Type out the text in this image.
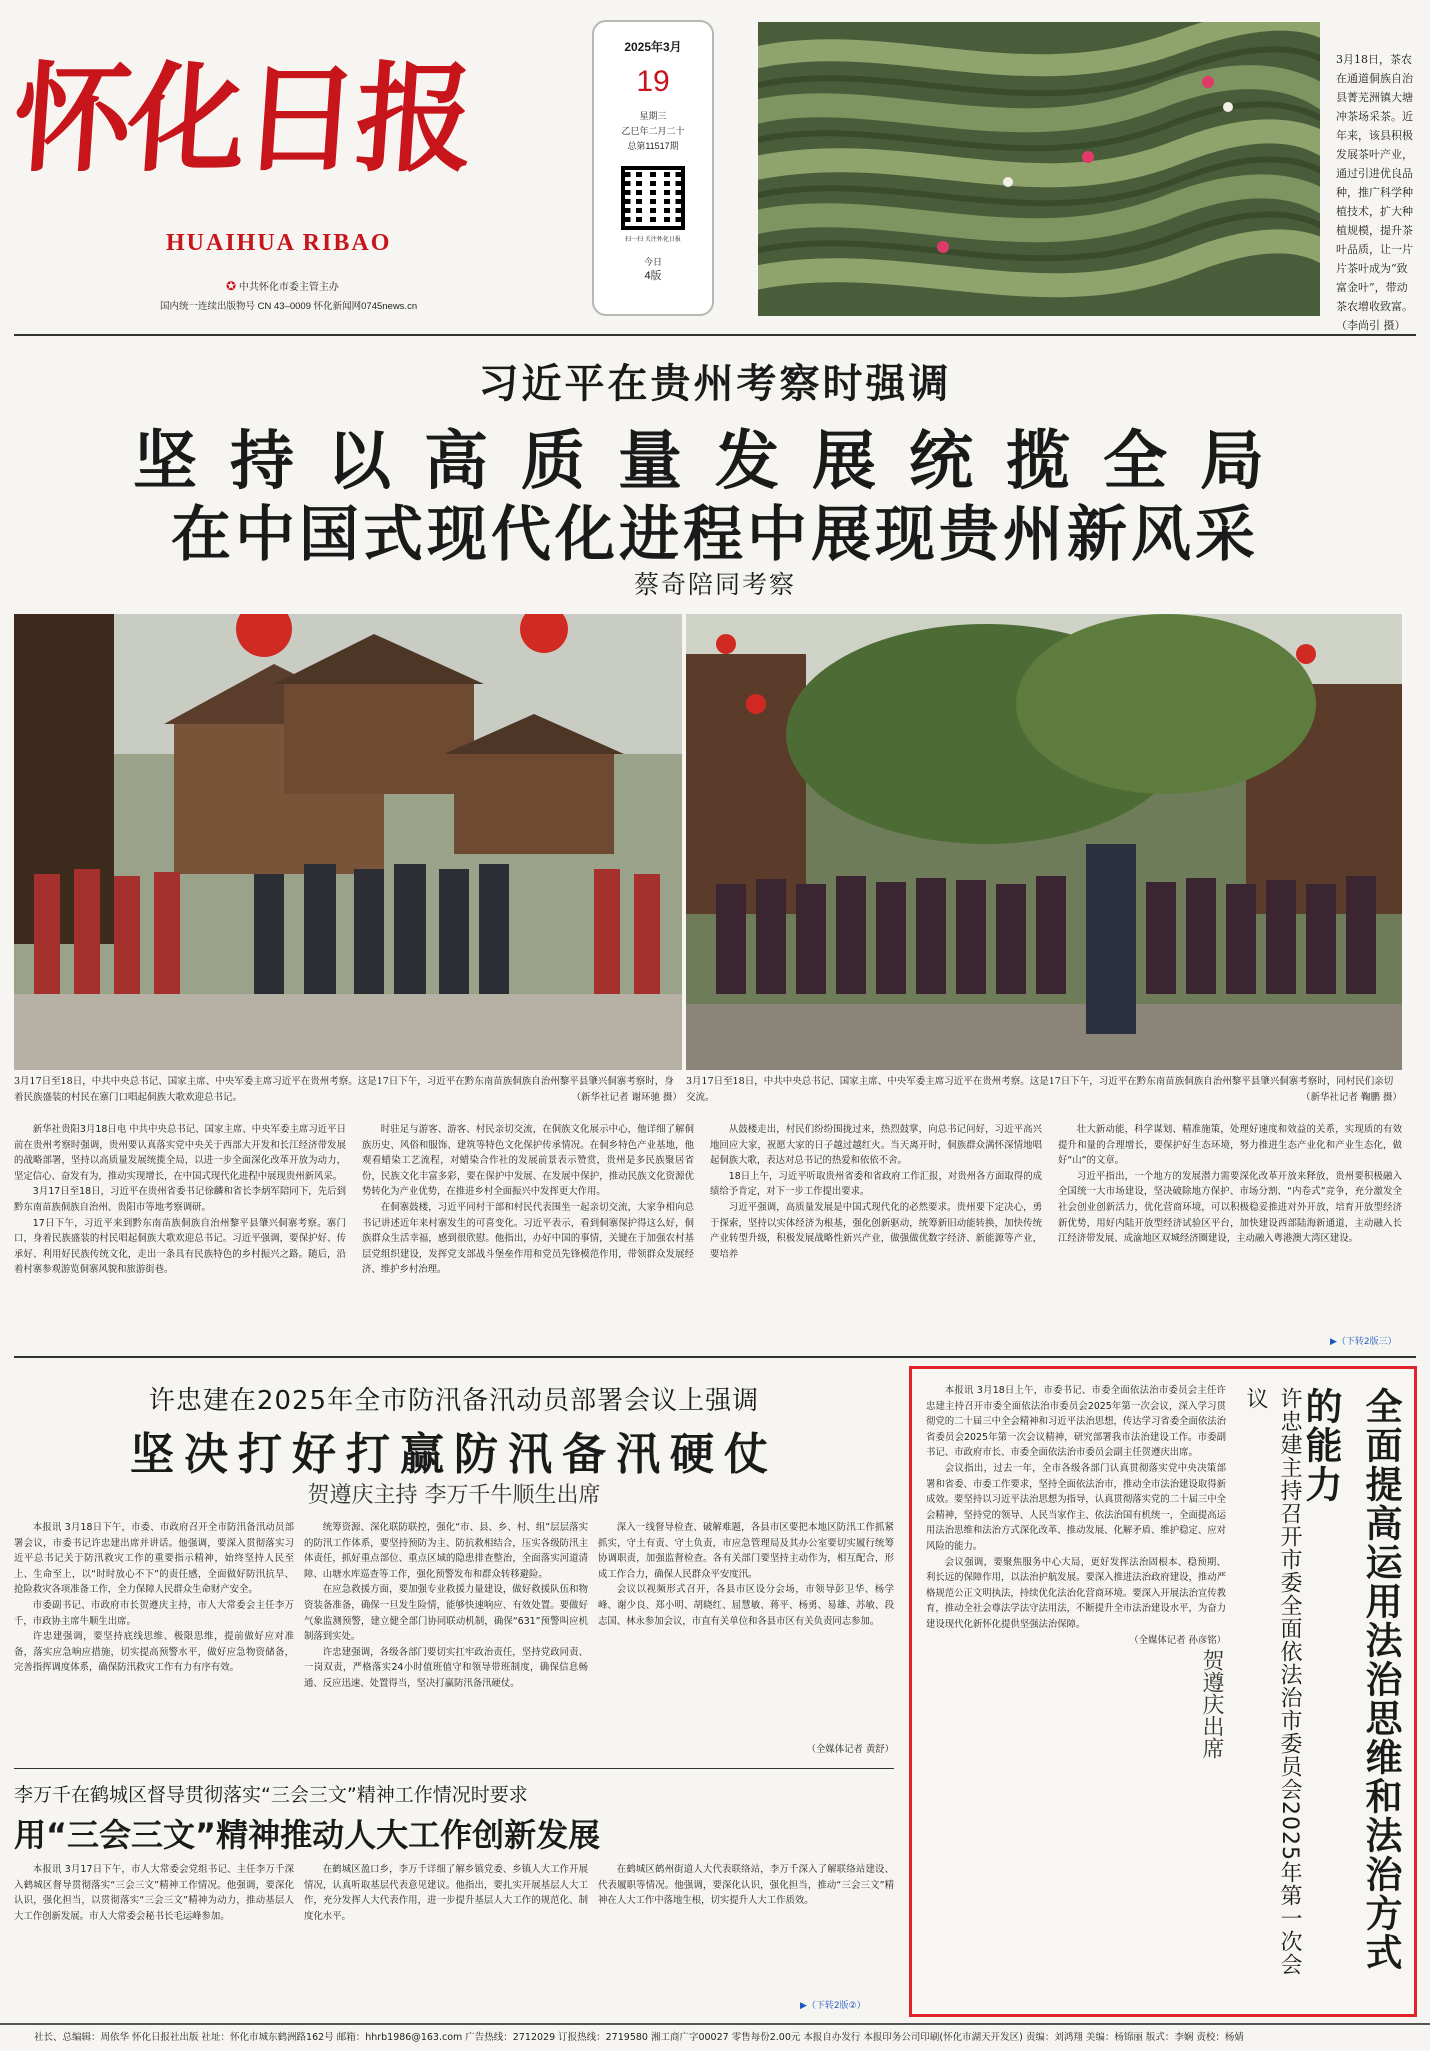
怀化日报
HUAIHUA RIBAO
✪ 中共怀化市委主管主办
国内统一连续出版物号 CN 43–0009 怀化新闻网0745news.cn
2025年3月
19
星期三
乙巳年二月二十
总第11517期
扫一扫 关注怀化日报
今日
4版
3月18日，茶农在通道侗族自治县菁芜洲镇大塘冲茶场采茶。近年来，该县积极发展茶叶产业，通过引进优良品种，推广科学种植技术，扩大种植规模，提升茶叶品质，让一片片茶叶成为“致富金叶”，带动茶农增收致富。（李尚引 摄）
习近平在贵州考察时强调
坚持以高质量发展统揽全局
在中国式现代化进程中展现贵州新风采
蔡奇陪同考察
3月17日至18日，中共中央总书记、国家主席、中央军委主席习近平在贵州考察。这是17日下午，习近平在黔东南苗族侗族自治州黎平县肇兴侗寨考察时，身着民族盛装的村民在寨门口唱起侗族大歌欢迎总书记。	（新华社记者 谢环驰 摄）
3月17日至18日，中共中央总书记、国家主席、中央军委主席习近平在贵州考察。这是17日下午，习近平在黔东南苗族侗族自治州黎平县肇兴侗寨考察时，同村民们亲切交流。	（新华社记者 鞠鹏 摄）

新华社贵阳3月18日电 中共中央总书记、国家主席、中央军委主席习近平日前在贵州考察时强调，贵州要认真落实党中央关于西部大开发和长江经济带发展的战略部署，坚持以高质量发展统揽全局，以进一步全面深化改革开放为动力，坚定信心、奋发有为，推动实现增长，在中国式现代化进程中展现贵州新风采。

3月17日至18日，习近平在贵州省委书记徐麟和省长李炳军陪同下，先后到黔东南苗族侗族自治州、贵阳市等地考察调研。

17日下午，习近平来到黔东南苗族侗族自治州黎平县肇兴侗寨考察。寨门口，身着民族盛装的村民唱起侗族大歌欢迎总书记。习近平强调，要保护好、传承好、利用好民族传统文化，走出一条具有民族特色的乡村振兴之路。随后，沿着村寨参观游览侗寨风貌和旅游街巷。

时驻足与游客、游客、村民亲切交流，在侗族文化展示中心，他详细了解侗族历史、风俗和服饰、建筑等特色文化保护传承情况。在侗乡特色产业基地，他观看蜡染工艺流程，对蜡染合作社的发展前景表示赞赏，贵州是多民族聚居省份，民族文化丰富多彩，要在保护中发展、在发展中保护，推动民族文化资源优势转化为产业优势，在推进乡村全面振兴中发挥更大作用。

在侗寨鼓楼，习近平同村干部和村民代表围坐一起亲切交流，大家争相向总书记讲述近年来村寨发生的可喜变化。习近平表示，看到侗寨保护得这么好，侗族群众生活幸福，感到很欣慰。他指出，办好中国的事情，关键在于加强农村基层党组织建设，发挥党支部战斗堡垒作用和党员先锋模范作用，带领群众发展经济、维护乡村治理。

从鼓楼走出，村民们纷纷围拢过来，热烈鼓掌，向总书记问好，习近平高兴地回应大家，祝愿大家的日子越过越红火。当天离开时，侗族群众满怀深情地唱起侗族大歌，表达对总书记的热爱和依依不舍。

18日上午，习近平听取贵州省委和省政府工作汇报，对贵州各方面取得的成绩给予肯定，对下一步工作提出要求。

习近平强调，高质量发展是中国式现代化的必然要求。贵州要下定决心，勇于探索，坚持以实体经济为根基，强化创新驱动，统筹新旧动能转换，加快传统产业转型升级，积极发展战略性新兴产业，做强做优数字经济、新能源等产业，要培养

壮大新动能，科学谋划、精准施策，处理好速度和效益的关系，实现质的有效提升和量的合理增长，要保护好生态环境，努力推进生态产业化和产业生态化，做好“山”的文章。

习近平指出，一个地方的发展潜力需要深化改革开放来释放，贵州要积极融入全国统一大市场建设，坚决破除地方保护、市场分割、“内卷式”竞争，充分激发全社会创业创新活力，优化营商环境，可以积极稳妥推进对外开放，培育开放型经济新优势，用好内陆开放型经济试验区平台，加快建设西部陆海新通道，主动融入长江经济带发展、成渝地区双城经济圈建设，主动融入粤港澳大湾区建设。

▶（下转2版三）
许忠建在2025年全市防汛备汛动员部署会议上强调
坚决打好打赢防汛备汛硬仗
贺遵庆主持 李万千牛顺生出席

本报讯 3月18日下午，市委、市政府召开全市防汛备汛动员部署会议，市委书记许忠建出席并讲话。他强调，要深入贯彻落实习近平总书记关于防汛救灾工作的重要指示精神，始终坚持人民至上、生命至上，以“时时放心不下”的责任感，全面做好防汛抗旱、抢险救灾各项准备工作，全力保障人民群众生命财产安全。

市委副书记、市政府市长贺遵庆主持，市人大常委会主任李万千，市政协主席牛顺生出席。

许忠建强调，要坚持底线思维、极限思维，提前做好应对准备，落实应急响应措施，切实提高预警水平，做好应急物资储备，完善指挥调度体系，确保防汛救灾工作有力有序有效。

统筹资源、深化联防联控，强化“市、县、乡、村、组”层层落实的防汛工作体系，要坚持预防为主、防抗救相结合，压实各级防汛主体责任，抓好重点部位、重点区域的隐患排查整治，全面落实河道清障、山塘水库巡查等工作，强化预警发布和群众转移避险。

在应急救援方面，要加强专业救援力量建设，做好救援队伍和物资装备准备，确保一旦发生险情，能够快速响应、有效处置。要做好气象监测预警，建立健全部门协同联动机制，确保“631”预警叫应机制落到实处。

许忠建强调，各级各部门要切实扛牢政治责任，坚持党政同责、一岗双责，严格落实24小时值班值守和领导带班制度，确保信息畅通、反应迅速、处置得当，坚决打赢防汛备汛硬仗。

深入一线督导检查、破解难题，各县市区要把本地区防汛工作抓紧抓实，守土有责、守土负责，市应急管理局及其办公室要切实履行统筹协调职责，加强监督检查。各有关部门要坚持主动作为，相互配合，形成工作合力，确保人民群众平安度汛。

会议以视频形式召开，各县市区设分会场，市领导彭卫华、杨学峰、谢少良、郑小明、胡晓红、屈慧敏、蒋平、杨勇、易雄、苏敏、段志国、林永参加会议，市直有关单位和各县市区有关负责同志参加。

（全媒体记者 黄舒）
李万千在鹤城区督导贯彻落实“三会三文”精神工作情况时要求
用“三会三文”精神推动人大工作创新发展

本报讯 3月17日下午，市人大常委会党组书记、主任李万千深入鹤城区督导贯彻落实“三会三文”精神工作情况。他强调，要深化认识，强化担当，以贯彻落实“三会三文”精神为动力，推动基层人大工作创新发展。市人大常委会秘书长毛运峰参加。

在鹤城区盈口乡，李万千详细了解乡镇党委、乡镇人大工作开展情况，认真听取基层代表意见建议。他指出，要扎实开展基层人大工作，充分发挥人大代表作用，进一步提升基层人大工作的规范化、制度化水平。

在鹤城区鹤州街道人大代表联络站，李万千深入了解联络站建设、代表履职等情况。他强调，要深化认识，强化担当，推动“三会三文”精神在人大工作中落地生根，切实提升人大工作质效。

▶（下转2版②）

本报讯 3月18日上午，市委书记、市委全面依法治市委员会主任许忠建主持召开市委全面依法治市委员会2025年第一次会议，深入学习贯彻党的二十届三中全会精神和习近平法治思想，传达学习省委全面依法治省委员会2025年第一次会议精神，研究部署我市法治建设工作。市委副书记、市政府市长、市委全面依法治市委员会副主任贺遵庆出席。

会议指出，过去一年，全市各级各部门认真贯彻落实党中央决策部署和省委、市委工作要求，坚持全面依法治市，推动全市法治建设取得新成效。要坚持以习近平法治思想为指导，认真贯彻落实党的二十届三中全会精神，坚持党的领导、人民当家作主、依法治国有机统一，全面提高运用法治思维和法治方式深化改革、推动发展、化解矛盾、维护稳定、应对风险的能力。

会议强调，要聚焦服务中心大局，更好发挥法治固根本、稳预期、利长远的保障作用，以法治护航发展。要深入推进法治政府建设，推动严格规范公正文明执法，持续优化法治化营商环境。要深入开展法治宣传教育，推动全社会尊法学法守法用法，不断提升全市法治建设水平，为奋力建设现代化新怀化提供坚强法治保障。

（全媒体记者 孙彦铭）	许忠建主持召开市委全面依法治市委员会2025年第一次会议
贺遵庆出席	全面提高运用法治思维和法治方式的能力
社长、总编辑：周依华 怀化日报社出版 社址：怀化市城东鹤洲路162号 邮箱：hhrb1986@163.com 广告热线：2712029 订报热线：2719580 湘工商广字00027 零售每份2.00元 本报自办发行 本报印务公司印刷(怀化市湖天开发区) 责编：刘鸿翔 美编：杨锦丽 版式：李娴 责校：杨婧
